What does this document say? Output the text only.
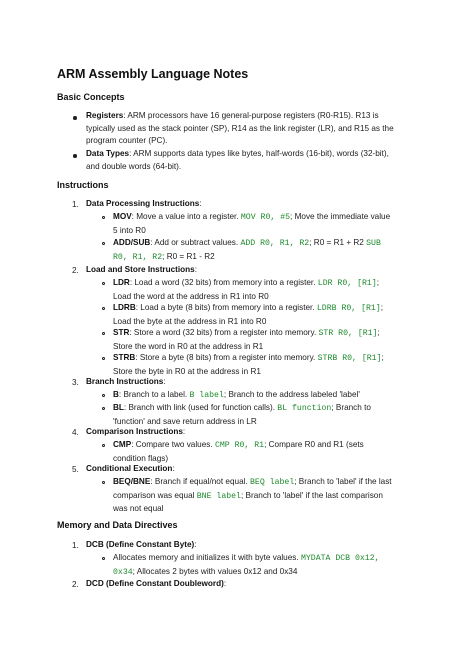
ARM Assembly Language Notes
Basic Concepts
Registers: ARM processors have 16 general-purpose registers (R0-R15). R13 is
typically used as the stack pointer (SP), R14 as the link register (LR), and R15 as the
program counter (PC).
Data Types: ARM supports data types like bytes, half-words (16-bit), words (32-bit),
and double words (64-bit).
Instructions
1. Data Processing Instructions:
MOV: Move a value into a register. MOV R0, #5; Move the immediate value
5 into R0
ADD/SUB: Add or subtract values. ADD R0, R1, R2; R0 = R1 + R2 SUB
R0, R1, R2; R0 = R1 - R2
2. Load and Store Instructions:
LDR: Load a word (32 bits) from memory into a register. LDR R0, [R1];
Load the word at the address in R1 into R0
LDRB: Load a byte (8 bits) from memory into a register. LDRB R0, [R1];
Load the byte at the address in R1 into R0
STR: Store a word (32 bits) from a register into memory. STR R0, [R1];
Store the word in R0 at the address in R1
STRB: Store a byte (8 bits) from a register into memory. STRB R0, [R1];
Store the byte in R0 at the address in R1
3. Branch Instructions:
B: Branch to a label. B label; Branch to the address labeled 'label'
BL: Branch with link (used for function calls). BL function; Branch to
'function' and save return address in LR
4. Comparison Instructions:
CMP: Compare two values. CMP R0, R1; Compare R0 and R1 (sets
condition flags)
5. Conditional Execution:
BEQ/BNE: Branch if equal/not equal. BEQ label; Branch to 'label' if the last
comparison was equal BNE label; Branch to 'label' if the last comparison
was not equal
Memory and Data Directives
1. DCB (Define Constant Byte):
Allocates memory and initializes it with byte values. MYDATA DCB 0x12,
0x34; Allocates 2 bytes with values 0x12 and 0x34
2. DCD (Define Constant Doubleword):
